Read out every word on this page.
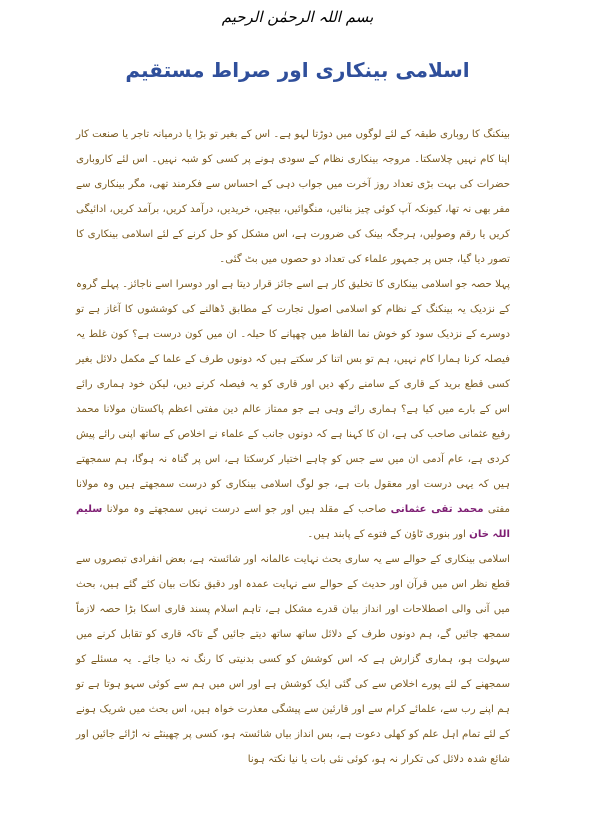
بسم اللہ الرحمٰن الرحیم
اسلامی بینکاری اور صراط مستقیم

بینکنگ کا روباری طبقہ کے لئے لوگوں میں دوڑتا لہو ہے۔ اس کے بغیر تو بڑا یا درمیانہ تاجر یا صنعت کار اپنا کام نہیں چلاسکتا۔ مروجہ بینکاری نظام کے سودی ہونے پر کسی کو شبہ نہیں۔ اس لئے کاروباری حضرات کی بہت بڑی تعداد روز آخرت میں جواب دہی کے احساس سے فکرمند تھی، مگر بینکاری سے مفر بھی نہ تھا، کیونکہ آپ کوئی چیز بنائیں، منگوائیں، بیچیں، خریدیں، درآمد کریں، برآمد کریں، ادائیگی کریں یا رقم وصولیں، ہرجگہ بینک کی ضرورت ہے، اس مشکل کو حل کرنے کے لئے اسلامی بینکاری کا تصور دیا گیا، جس پر جمہور علماء کی تعداد دو حصوں میں بٹ گئی۔

پہلا حصہ جو اسلامی بینکاری کا تخلیق کار ہے اسے جائز قرار دیتا ہے اور دوسرا اسے ناجائز۔ پہلے گروہ کے نزدیک یہ بینکنگ کے نظام کو اسلامی اصول تجارت کے مطابق ڈھالنے کی کوششوں کا آغاز ہے تو دوسرے کے نزدیک سود کو خوش نما الفاظ میں چھپانے کا حیلہ۔ ان میں کون درست ہے؟ کون غلط یہ فیصلہ کرنا ہمارا کام نہیں، ہم تو بس اتنا کر سکتے ہیں کہ دونوں طرف کے علما کے مکمل دلائل بغیر کسی قطع برید کے قاری کے سامنے رکھ دیں اور قاری کو یہ فیصلہ کرنے دیں، لیکن خود ہماری رائے اس کے بارے میں کیا ہے؟ ہماری رائے وہی ہے جو ممتاز عالم دین مفتی اعظم پاکستان مولانا محمد رفیع عثمانی صاحب کی ہے، ان کا کہنا ہے کہ دونوں جانب کے علماء نے اخلاص کے ساتھ اپنی رائے پیش کردی ہے، عام آدمی ان میں سے جس کو چاہے اختیار کرسکتا ہے، اس پر گناہ نہ ہوگا، ہم سمجھتے ہیں کہ یہی درست اور معقول بات ہے، جو لوگ اسلامی بینکاری کو درست سمجھتے ہیں وہ مولانا مفتی محمد تقی عثمانی صاحب کے مقلد ہیں اور جو اسے درست نہیں سمجھتے وہ مولانا سلیم اللہ خان اور بنوری ٹاؤن کے فتوے کے پابند ہیں۔

اسلامی بینکاری کے حوالے سے یہ ساری بحث نہایت عالمانہ اور شائستہ ہے، بعض انفرادی تبصروں سے قطع نظر اس میں قرآن اور حدیث کے حوالے سے نہایت عمدہ اور دقیق نکات بیان کئے گئے ہیں، بحث میں آنی والی اصطلاحات اور انداز بیان قدرے مشکل ہے، تاہم اسلام پسند قاری اسکا بڑا حصہ لازماً سمجھ جائیں گے، ہم دونوں طرف کے دلائل ساتھ ساتھ دیتے جائیں گے تاکہ قاری کو تقابل کرنے میں سہولت ہو، ہماری گزارش ہے کہ اس کوشش کو کسی بدنیتی کا رنگ نہ دیا جائے۔ یہ مسئلے کو سمجھنے کے لئے پورے اخلاص سے کی گئی ایک کوشش ہے اور اس میں ہم سے کوئی سہو ہوتا ہے تو ہم اپنے رب سے، علمائے کرام سے اور قارئین سے پیشگی معذرت خواہ ہیں، اس بحث میں شریک ہونے کے لئے تمام اہل علم کو کھلی دعوت ہے، بس انداز بیاں شائستہ ہو، کسی پر چھینٹے نہ اڑائے جائیں اور شائع شدہ دلائل کی تکرار نہ ہو، کوئی نئی بات یا نیا نکتہ ہونا
